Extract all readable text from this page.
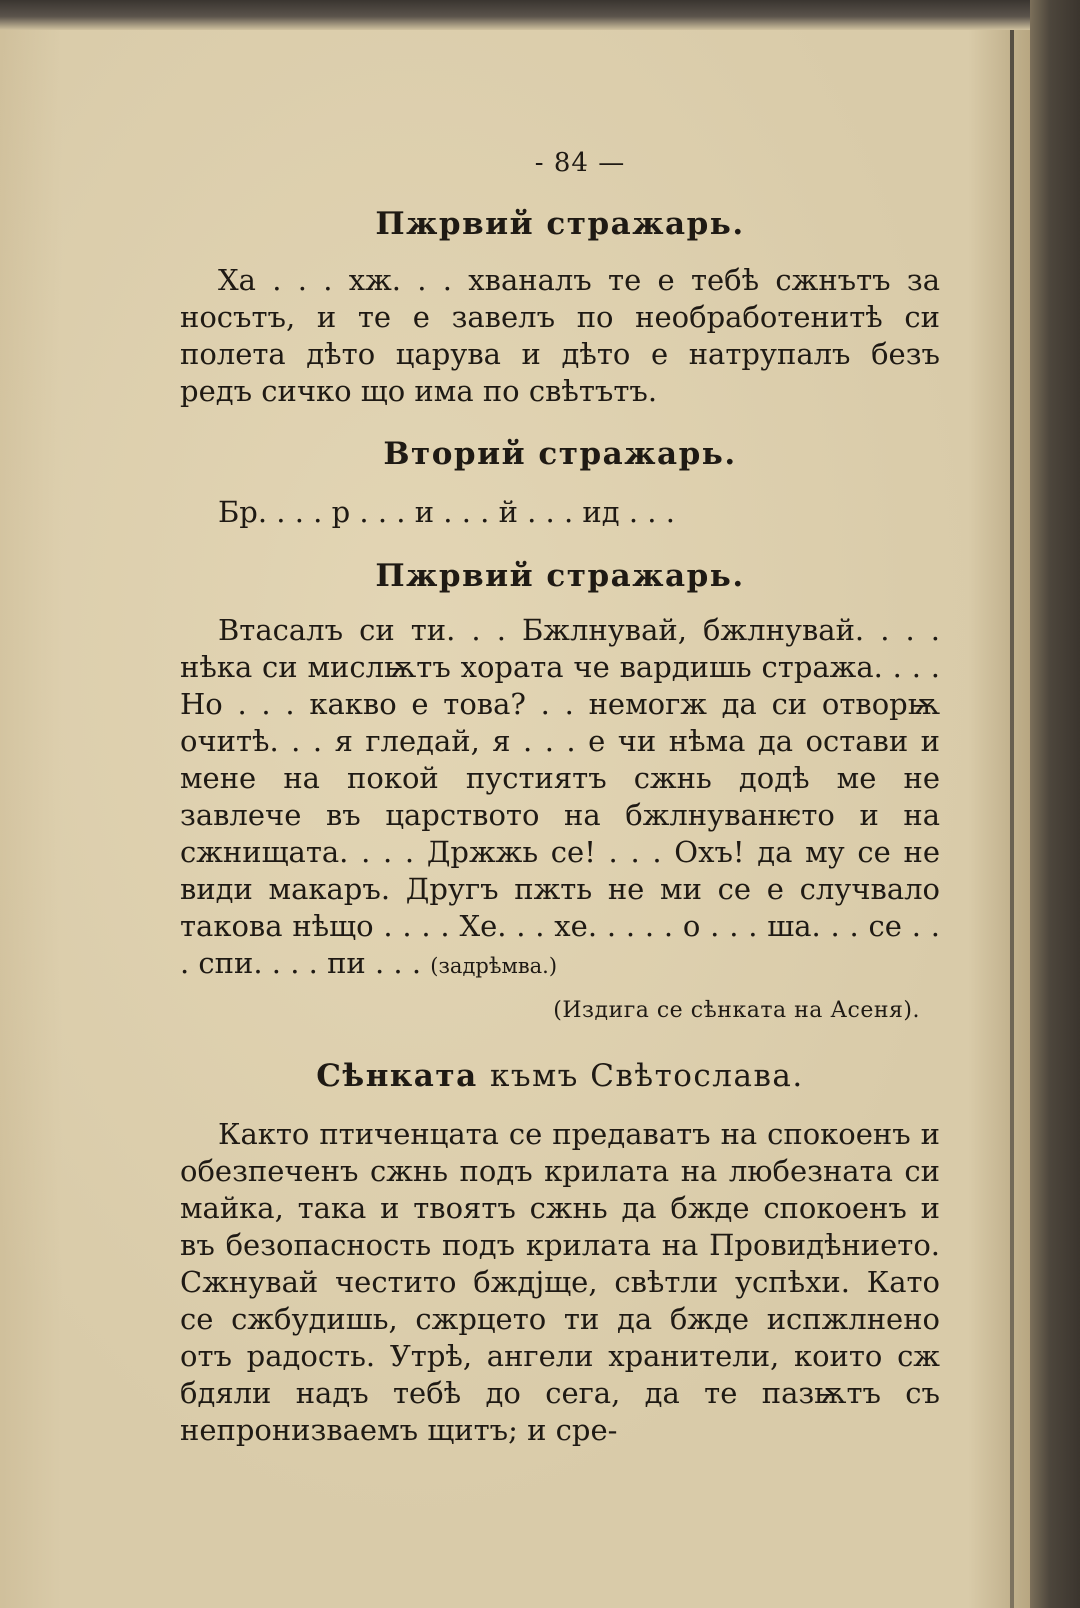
- 84 —
Пжрвий стражарь.

Ха . . . хж. . . хваналъ те е тебѣ сжнътъ за носътъ, и те е завелъ по необработенитѣ си полета дѣто царува и дѣто е натрупалъ безъ редъ сичко що има по свѣтътъ.

Вторий стражарь.

Бр. . . . р . . . и . . . й . . . ид . . .

Пжрвий стражарь.

Втасалъ си ти. . . Бжлнувай, бжлнувай. . . . нѣка си мислѭтъ хората че вардишь стража. . . . Но . . . какво е това? . . немогж да си отворѭ очитѣ. . . я гледай, я . . . е чи нѣма да остави и мене на покой пустиятъ сжнь додѣ ме не завлече въ царството на бжлнуванѥто и на сжнищата. . . . Држжь се! . . . Охъ! да му се не види макаръ. Другъ пжть не ми се е случвало такова нѣщо . . . . Хе. . . хе. . . . . о . . . ша. . . се . . . спи. . . . пи . . . (задрѣмва.)

(Издига се сѣнката на Асеня).
Сѣнката къмъ Свѣтослава.

Както птиченцата се предаватъ на спокоенъ и обезпеченъ сжнь подъ крилата на любезната си майка, така и твоятъ сжнь да бжде спокоенъ и въ безопасность подъ крилата на Провидѣнието. Сжнувай честито бждjще, свѣтли успѣхи. Като се сжбудишь, сжрцето ти да бжде испжлнено отъ радость. Утрѣ, ангели хранители, които сж бдяли надъ тебѣ до сега, да те пазѭтъ съ непронизваемъ щитъ; и сре-
